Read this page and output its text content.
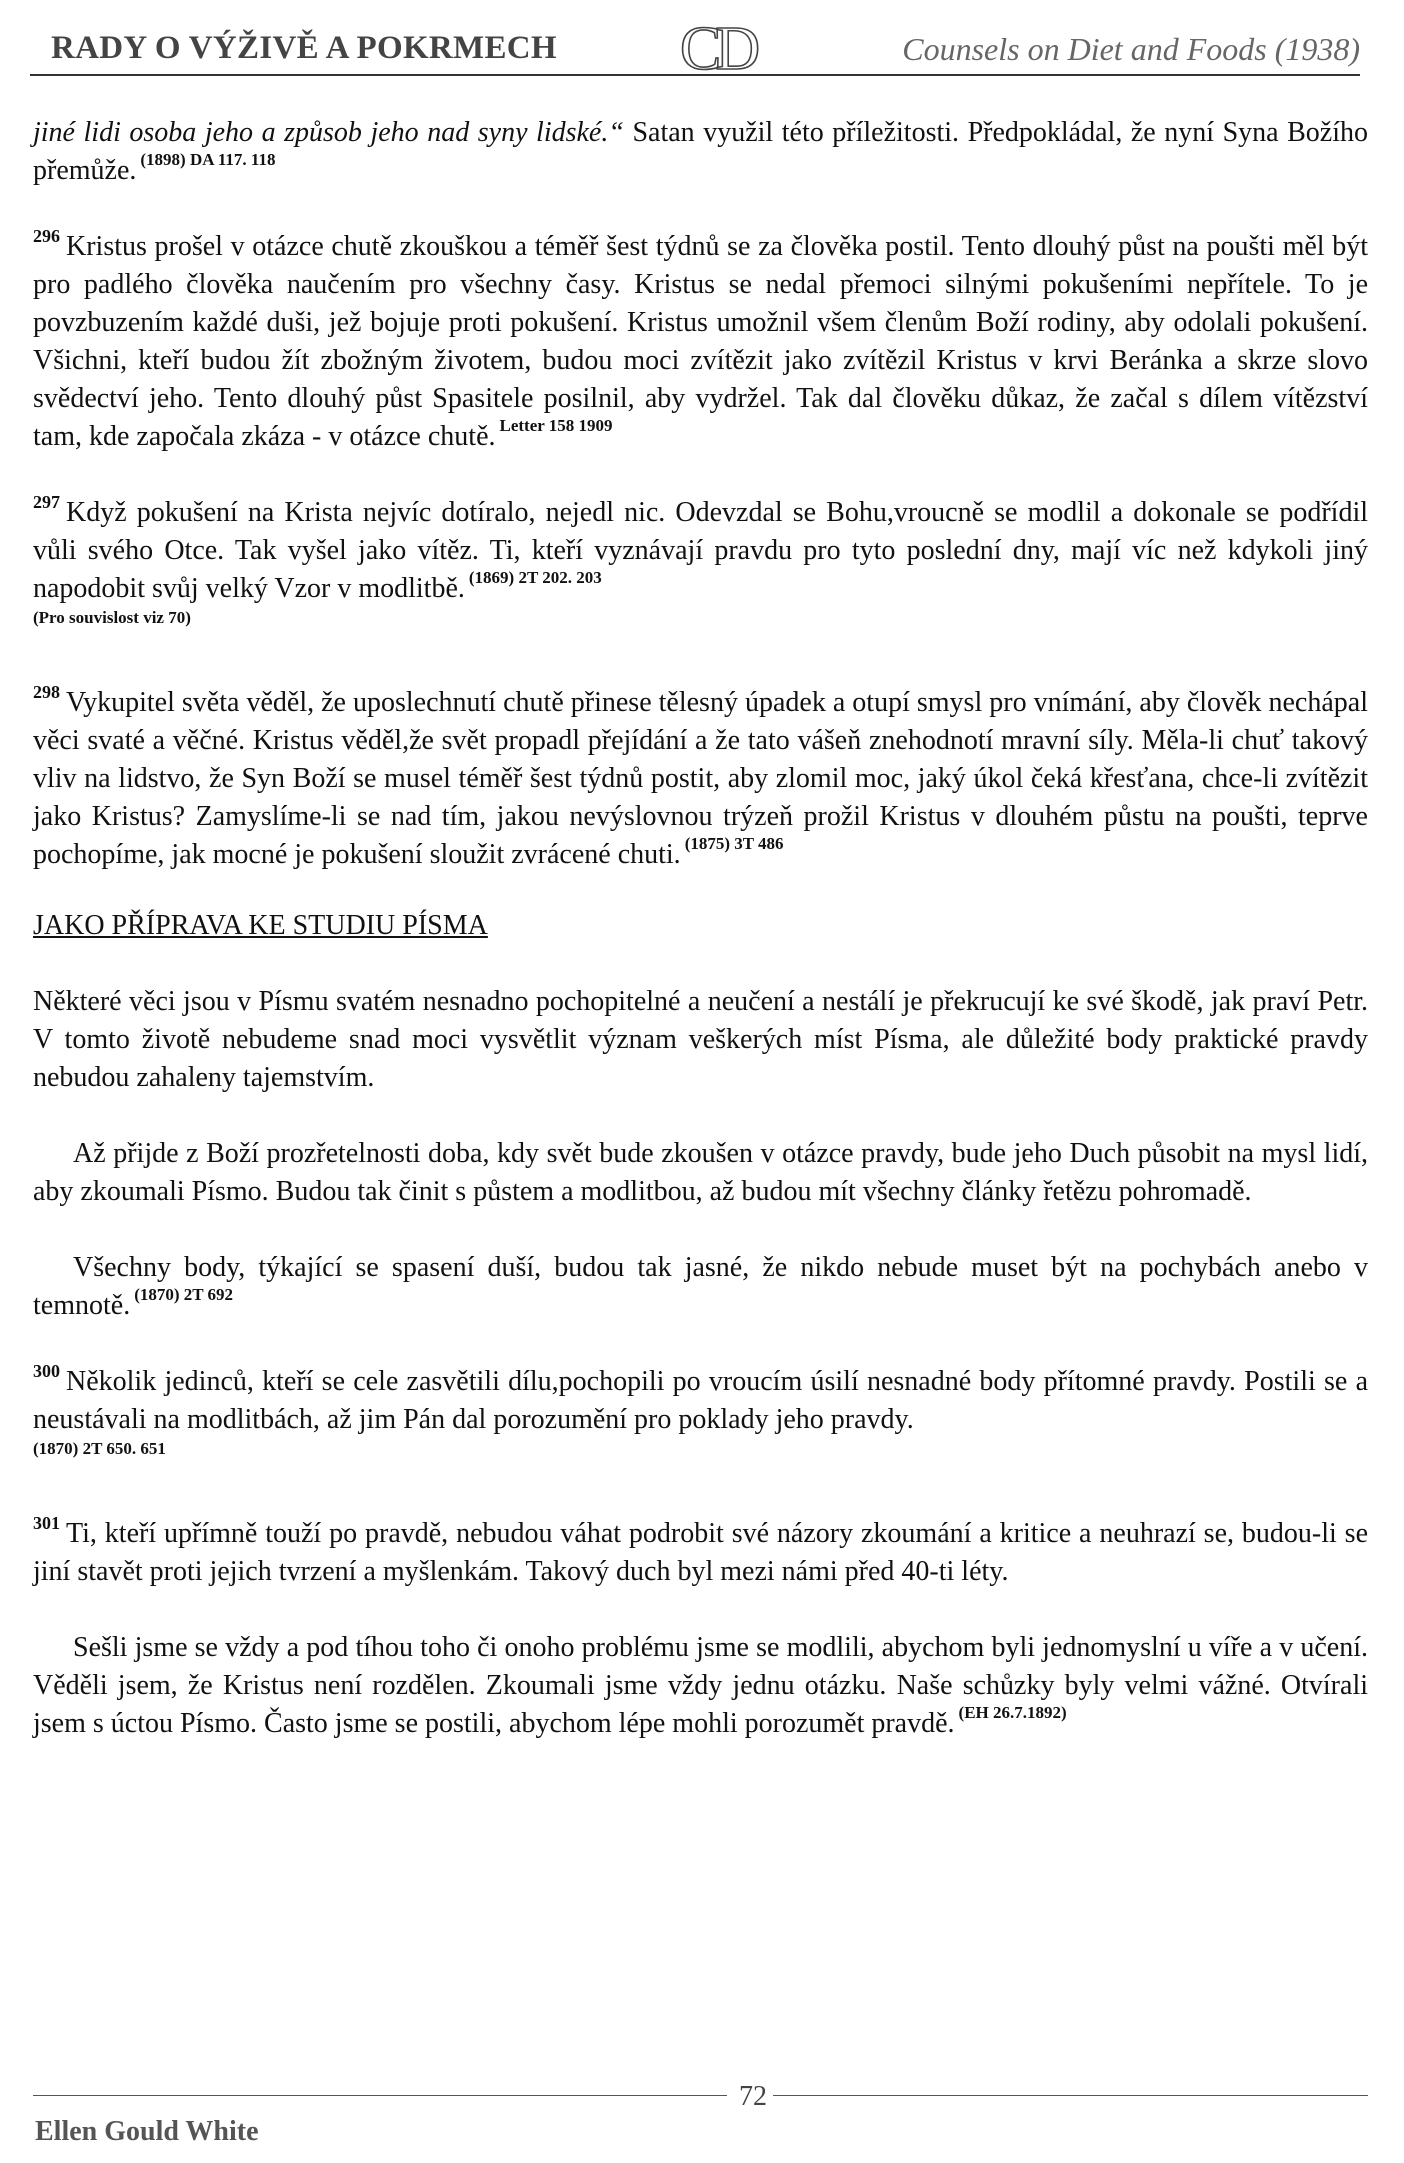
RADY O VÝŽIVĚ A POKRMECH CD	Counsels on Diet and Foods (1938)

jiné lidi osoba jeho a způsob jeho nad syny lidské.“ Satan využil této příležitosti. Předpokládal, že nyní Syna Božího přemůže. $^{(1898) DA 117. 118}$

$^{296}$ Kristus prošel v otázce chutě zkouškou a téměř šest týdnů se za člověka postil. Tento dlouhý půst na poušti měl být pro padlého člověka naučením pro všechny časy. Kristus se nedal přemoci silnými pokušeními nepřítele. To je povzbuzením každé duši, jež bojuje proti pokušení. Kristus umožnil všem členům Boží rodiny, aby odolali pokušení. Všichni, kteří budou žít zbožným životem, budou moci zvítězit jako zvítězil Kristus v krvi Beránka a skrze slovo svědectví jeho. Tento dlouhý půst Spasitele posilnil, aby vydržel. Tak dal člověku důkaz, že začal s dílem vítězství tam, kde započala zkáza - v otázce chutě. $^{Letter 158 1909}$

$^{297}$ Když pokušení na Krista nejvíc dotíralo, nejedl nic. Odevzdal se Bohu,vroucně se modlil a dokonale se podřídil vůli svého Otce. Tak vyšel jako vítěz. Ti, kteří vyznávají pravdu pro tyto poslední dny, mají víc než kdykoli jiný napodobit svůj velký Vzor v modlitbě. $^{(1869) 2T 202. 203}$

(Pro souvislost viz 70)

$^{298}$ Vykupitel světa věděl, že uposlechnutí chutě přinese tělesný úpadek a otupí smysl pro vnímání, aby člověk nechápal věci svaté a věčné. Kristus věděl,že svět propadl přejídání a že tato vášeň znehodnotí mravní síly. Měla-li chuť takový vliv na lidstvo, že Syn Boží se musel téměř šest týdnů postit, aby zlomil moc, jaký úkol čeká křesťana, chce-li zvítězit jako Kristus? Zamyslíme-li se nad tím, jakou nevýslovnou trýzeň prožil Kristus v dlouhém půstu na poušti, teprve pochopíme, jak mocné je pokušení sloužit zvrácené chuti. $^{(1875) 3T 486}$

JAKO PŘÍPRAVA KE STUDIU PÍSMA

Některé věci jsou v Písmu svatém nesnadno pochopitelné a neučení a nestálí je překrucují ke své škodě, jak praví Petr. V tomto životě nebudeme snad moci vysvětlit význam veškerých míst Písma, ale důležité body praktické pravdy nebudou zahaleny tajemstvím.

Až přijde z Boží prozřetelnosti doba, kdy svět bude zkoušen v otázce pravdy, bude jeho Duch působit na mysl lidí, aby zkoumali Písmo. Budou tak činit s půstem a modlitbou, až budou mít všechny články řetězu pohromadě.

Všechny body, týkající se spasení duší, budou tak jasné, že nikdo nebude muset být na pochybách anebo v temnotě. $^{(1870) 2T 692}$

$^{300}$ Několik jedinců, kteří se cele zasvětili dílu,pochopili po vroucím úsilí nesnadné body přítomné pravdy. Postili se a neustávali na modlitbách, až jim Pán dal porozumění pro poklady jeho pravdy.

(1870) 2T 650. 651

$^{301}$ Ti, kteří upřímně touží po pravdě, nebudou váhat podrobit své názory zkoumání a kritice a neuhrazí se, budou-li se jiní stavět proti jejich tvrzení a myšlenkám. Takový duch byl mezi námi před 40-ti léty.

Sešli jsme se vždy a pod tíhou toho či onoho problému jsme se modlili, abychom byli jednomyslní u víře a v učení. Věděli jsem, že Kristus není rozdělen. Zkoumali jsme vždy jednu otázku. Naše schůzky byly velmi vážné. Otvírali jsem s úctou Písmo. Často jsme se postili, abychom lépe mohli porozumět pravdě. $^{(EH 26.7.1892)}$

72
Ellen Gould White
